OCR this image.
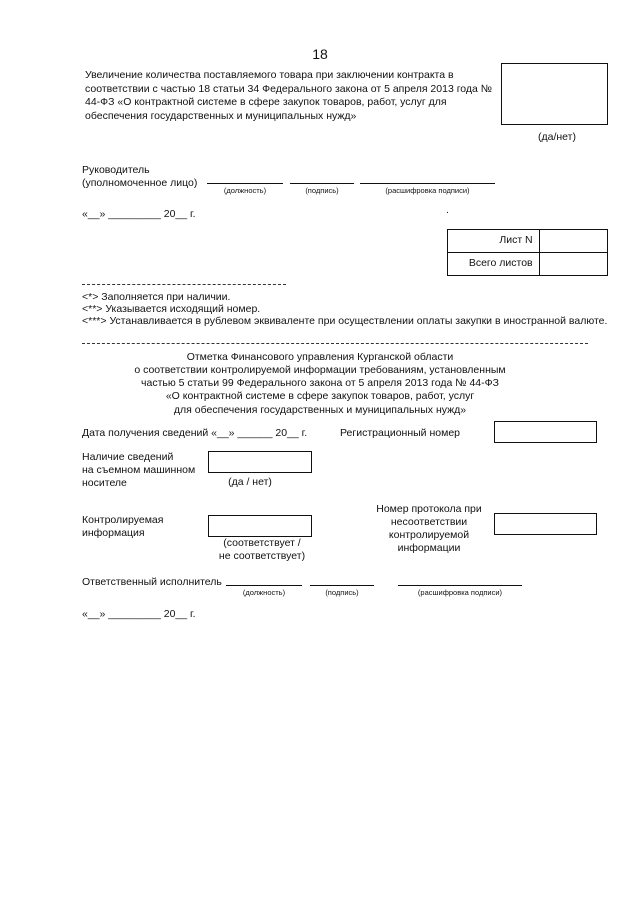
18
Увеличение количества поставляемого товара при заключении контракта в соответствии с частью 18 статьи 34 Федерального закона от 5 апреля 2013 года № 44-ФЗ «О контрактной системе в сфере закупок товаров, работ, услуг для обеспечения государственных и муниципальных нужд»
(да/нет)
Руководитель
(уполномоченное лицо)
(должность)	(подпись)	(расшифровка подписи)
«__» _________ 20__ г.	.
Лист N	
Всего листов	
<*> Заполняется при наличии.
<**> Указывается исходящий номер.
<***> Устанавливается в рублевом эквиваленте при осуществлении оплаты закупки в иностранной валюте.
Отметка Финансового управления Курганской области
о соответствии контролируемой информации требованиям, установленным
частью 5 статьи 99 Федерального закона от 5 апреля 2013 года № 44-ФЗ
«О контрактной системе в сфере закупок товаров, работ, услуг
для обеспечения государственных и муниципальных нужд»
Дата получения сведений «__» ______ 20__ г.	Регистрационный номер
Наличие сведений
на съемном машинном
носителе	(да / нет)
Контролируемая
информация
(соответствует /
не соответствует)
Номер протокола при
несоответствии
контролируемой
информации
Ответственный исполнитель
(должность)	(подпись)	(расшифровка подписи)
«__» _________ 20__ г.
